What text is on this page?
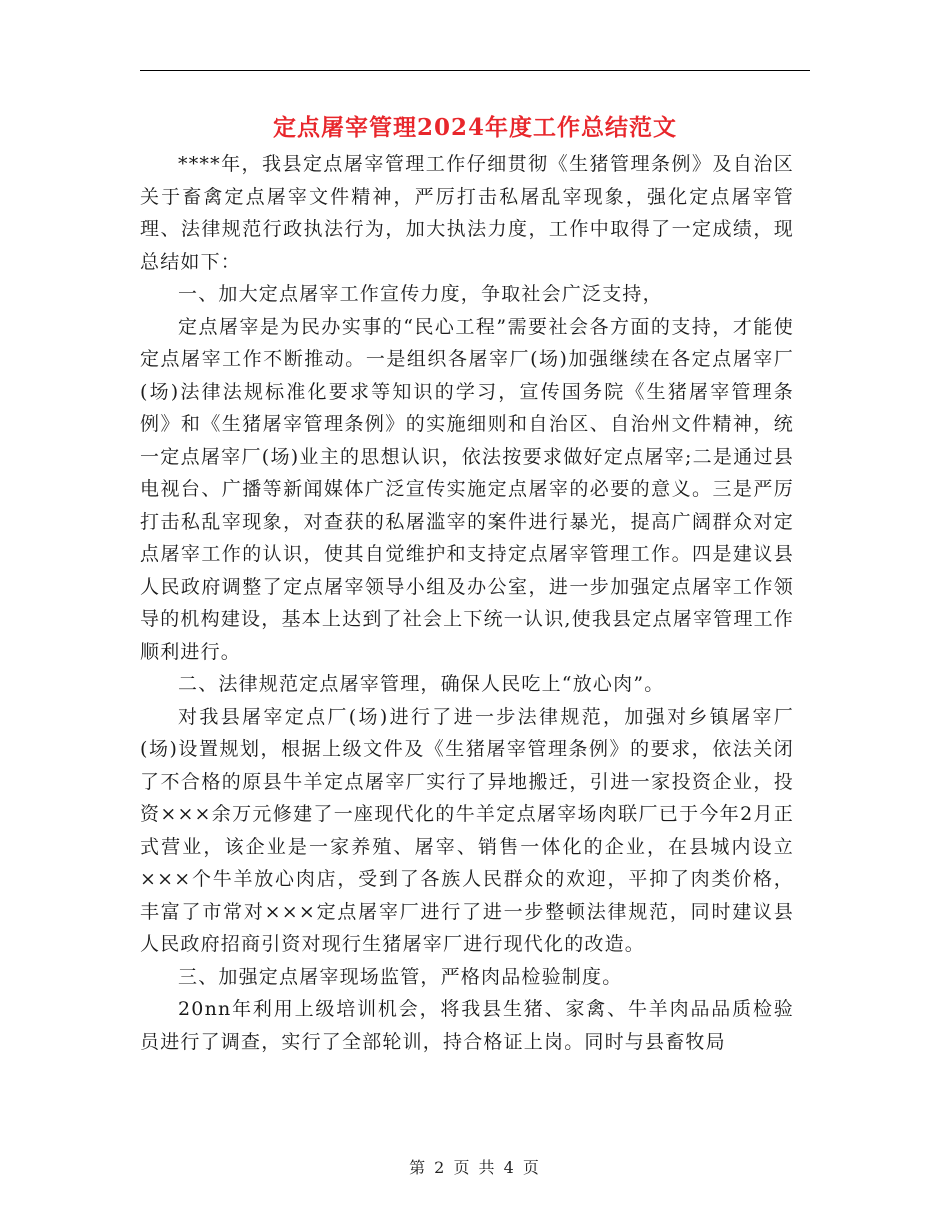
定点屠宰管理2024年度工作总结范文

****年，我县定点屠宰管理工作仔细贯彻《生猪管理条例》及自治区关于畜禽定点屠宰文件精神，严厉打击私屠乱宰现象，强化定点屠宰管理、法律规范行政执法行为，加大执法力度，工作中取得了一定成绩，现总结如下：

一、加大定点屠宰工作宣传力度，争取社会广泛支持，

定点屠宰是为民办实事的“民心工程”需要社会各方面的支持，才能使定点屠宰工作不断推动。一是组织各屠宰厂(场)加强继续在各定点屠宰厂(场)法律法规标准化要求等知识的学习，宣传国务院《生猪屠宰管理条例》和《生猪屠宰管理条例》的实施细则和自治区、自治州文件精神，统一定点屠宰厂(场)业主的思想认识，依法按要求做好定点屠宰;二是通过县电视台、广播等新闻媒体广泛宣传实施定点屠宰的必要的意义。三是严厉打击私乱宰现象，对查获的私屠滥宰的案件进行暴光，提高广阔群众对定点屠宰工作的认识，使其自觉维护和支持定点屠宰管理工作。四是建议县人民政府调整了定点屠宰领导小组及办公室，进一步加强定点屠宰工作领导的机构建设，基本上达到了社会上下统一认识,使我县定点屠宰管理工作顺利进行。

二、法律规范定点屠宰管理，确保人民吃上“放心肉”。

对我县屠宰定点厂(场)进行了进一步法律规范，加强对乡镇屠宰厂(场)设置规划，根据上级文件及《生猪屠宰管理条例》的要求，依法关闭了不合格的原县牛羊定点屠宰厂实行了异地搬迁，引进一家投资企业，投资×××余万元修建了一座现代化的牛羊定点屠宰场肉联厂已于今年2月正式营业，该企业是一家养殖、屠宰、销售一体化的企业，在县城内设立×××个牛羊放心肉店，受到了各族人民群众的欢迎，平抑了肉类价格，丰富了市常对×××定点屠宰厂进行了进一步整顿法律规范，同时建议县人民政府招商引资对现行生猪屠宰厂进行现代化的改造。

三、加强定点屠宰现场监管，严格肉品检验制度。

20nn年利用上级培训机会，将我县生猪、家禽、牛羊肉品品质检验员进行了调查，实行了全部轮训，持合格证上岗。同时与县畜牧局

第 2 页 共 4 页
